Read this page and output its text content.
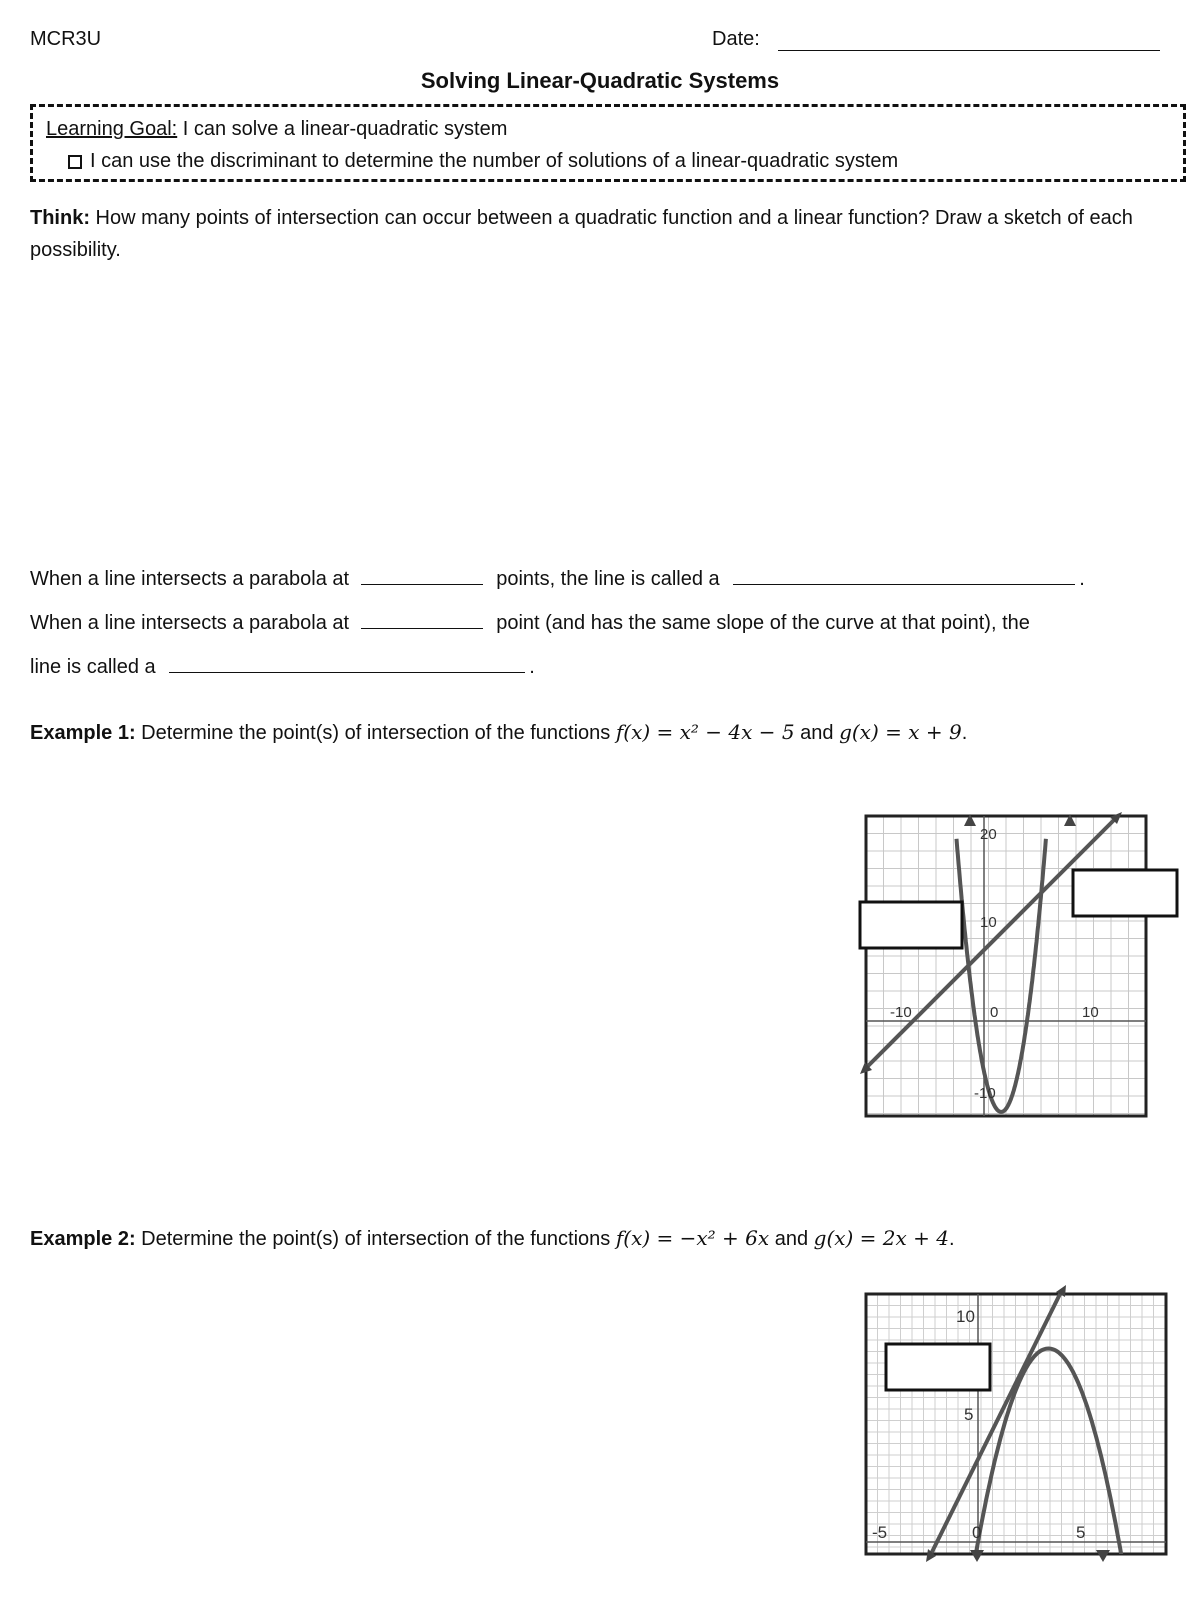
MCR3U	Date:
Solving Linear-Quadratic Systems
Learning Goal: I can solve a linear-quadratic system
I can use the discriminant to determine the number of solutions of a linear-quadratic system
Think: How many points of intersection can occur between a quadratic function and a linear function? Draw a sketch of each possibility.
When a line intersects a parabola at	points, the line is called a	.
When a line intersects a parabola at	point (and has the same slope of the curve at that point), the
line is called a	.
Example 1: Determine the point(s) of intersection of the functions f(x) = x² − 4x − 5 and g(x) = x + 9.
20
10
-10	0	10
-10
Example 2: Determine the point(s) of intersection of the functions f(x) = −x² + 6x and g(x) = 2x + 4.
10
5
-5	0	5
